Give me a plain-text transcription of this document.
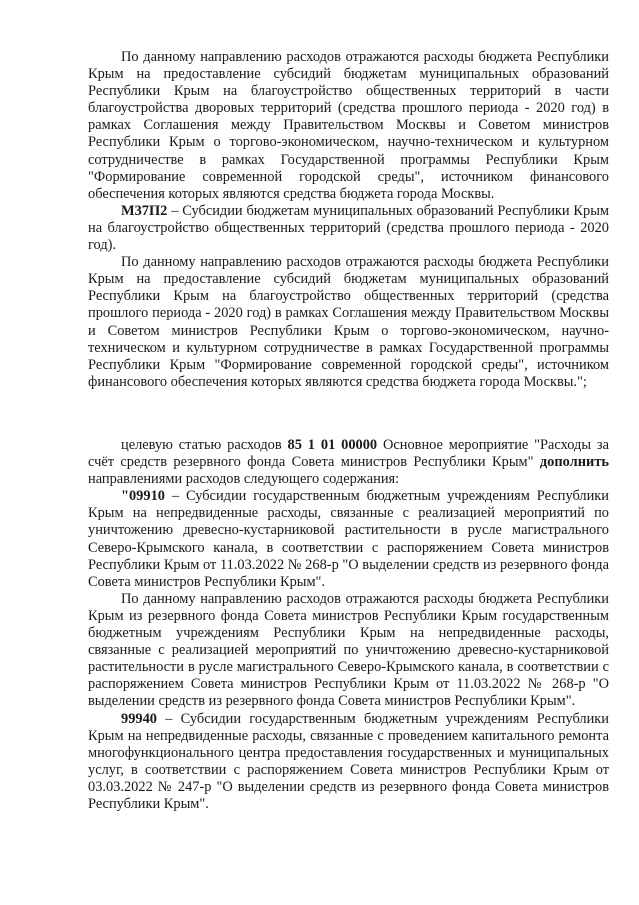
По данному направлению расходов отражаются расходы бюджета Республики Крым на предоставление субсидий бюджетам муниципальных образований Республики Крым на благоустройство общественных территорий в части благоустройства дворовых территорий (средства прошлого периода - 2020 год) в рамках Соглашения между Правительством Москвы и Советом министров Республики Крым о торгово-экономическом, научно-техническом и культурном сотрудничестве в рамках Государственной программы Республики Крым "Формирование современной городской среды", источником финансового обеспечения которых являются средства бюджета города Москвы.

М37П2 – Субсидии бюджетам муниципальных образований Республики Крым на благоустройство общественных территорий (средства прошлого периода - 2020 год).

По данному направлению расходов отражаются расходы бюджета Республики Крым на предоставление субсидий бюджетам муниципальных образований Республики Крым на благоустройство общественных территорий (средства прошлого периода - 2020 год) в рамках Соглашения между Правительством Москвы и Советом министров Республики Крым о торгово-экономическом, научно-техническом и культурном сотрудничестве в рамках Государственной программы Республики Крым "Формирование современной городской среды", источником финансового обеспечения которых являются средства бюджета города Москвы.";

целевую статью расходов 85 1 01 00000 Основное мероприятие "Расходы за счёт средств резервного фонда Совета министров Республики Крым" дополнить направлениями расходов следующего содержания:

"09910 – Субсидии государственным бюджетным учреждениям Республики Крым на непредвиденные расходы, связанные с реализацией мероприятий по уничтожению древесно-кустарниковой растительности в русле магистрального Северо-Крымского канала, в соответствии с распоряжением Совета министров Республики Крым от 11.03.2022 № 268-р "О выделении средств из резервного фонда Совета министров Республики Крым".

По данному направлению расходов отражаются расходы бюджета Республики Крым из резервного фонда Совета министров Республики Крым государственным бюджетным учреждениям Республики Крым на непредвиденные расходы, связанные с реализацией мероприятий по уничтожению древесно-кустарниковой растительности в русле магистрального Северо-Крымского канала, в соответствии с распоряжением Совета министров Республики Крым от 11.03.2022 № 268-р "О выделении средств из резервного фонда Совета министров Республики Крым".

99940 – Субсидии государственным бюджетным учреждениям Республики Крым на непредвиденные расходы, связанные с проведением капитального ремонта многофункционального центра предоставления государственных и муниципальных услуг, в соответствии с распоряжением Совета министров Республики Крым от 03.03.2022 № 247-р "О выделении средств из резервного фонда Совета министров Республики Крым".
